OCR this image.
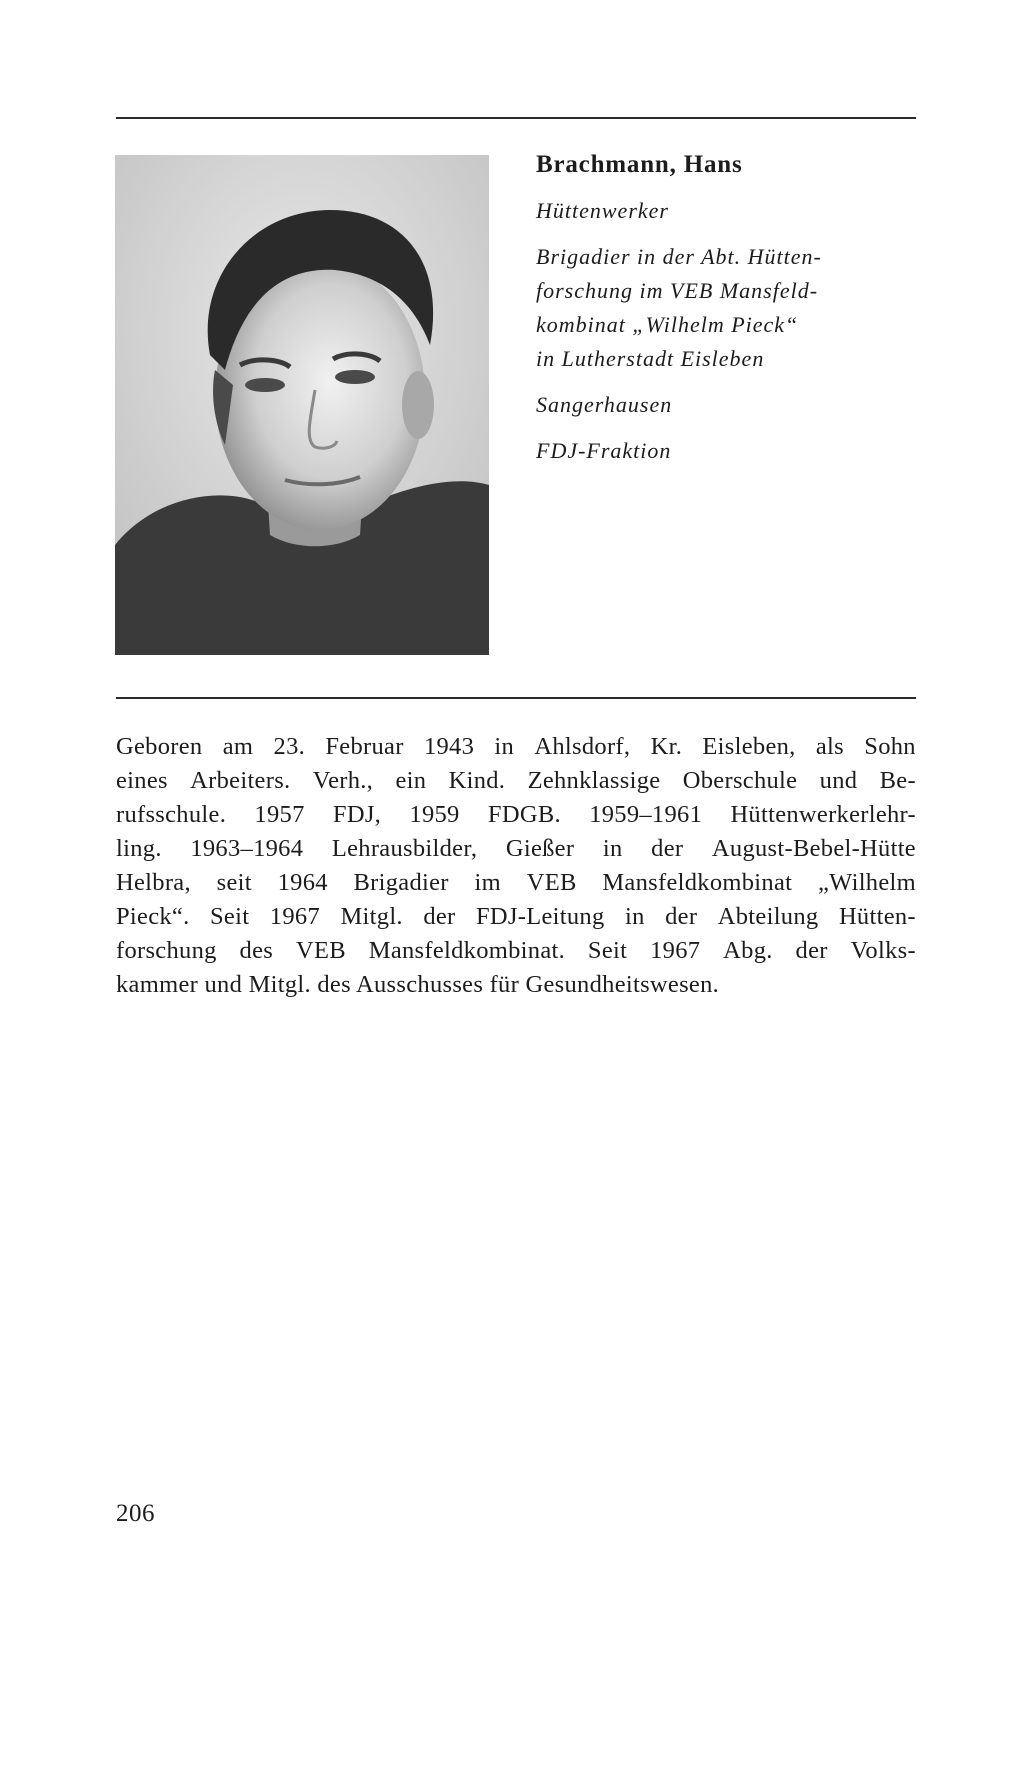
Brachmann, Hans
Hüttenwerker
Brigadier in der Abt. Hütten-
forschung im VEB Mansfeld-
kombinat „Wilhelm Pieck“
in Lutherstadt Eisleben
Sangerhausen
FDJ-Fraktion
Geboren am 23. Februar 1943 in Ahlsdorf, Kr. Eisleben, als Sohn
eines Arbeiters. Verh., ein Kind. Zehnklassige Oberschule und Be-
rufsschule. 1957 FDJ, 1959 FDGB. 1959–1961 Hüttenwerkerlehr-
ling. 1963–1964 Lehrausbilder, Gießer in der August-Bebel-Hütte
Helbra, seit 1964 Brigadier im VEB Mansfeldkombinat „Wilhelm
Pieck“. Seit 1967 Mitgl. der FDJ-Leitung in der Abteilung Hütten-
forschung des VEB Mansfeldkombinat. Seit 1967 Abg. der Volks-
kammer und Mitgl. des Ausschusses für Gesundheitswesen.
206
